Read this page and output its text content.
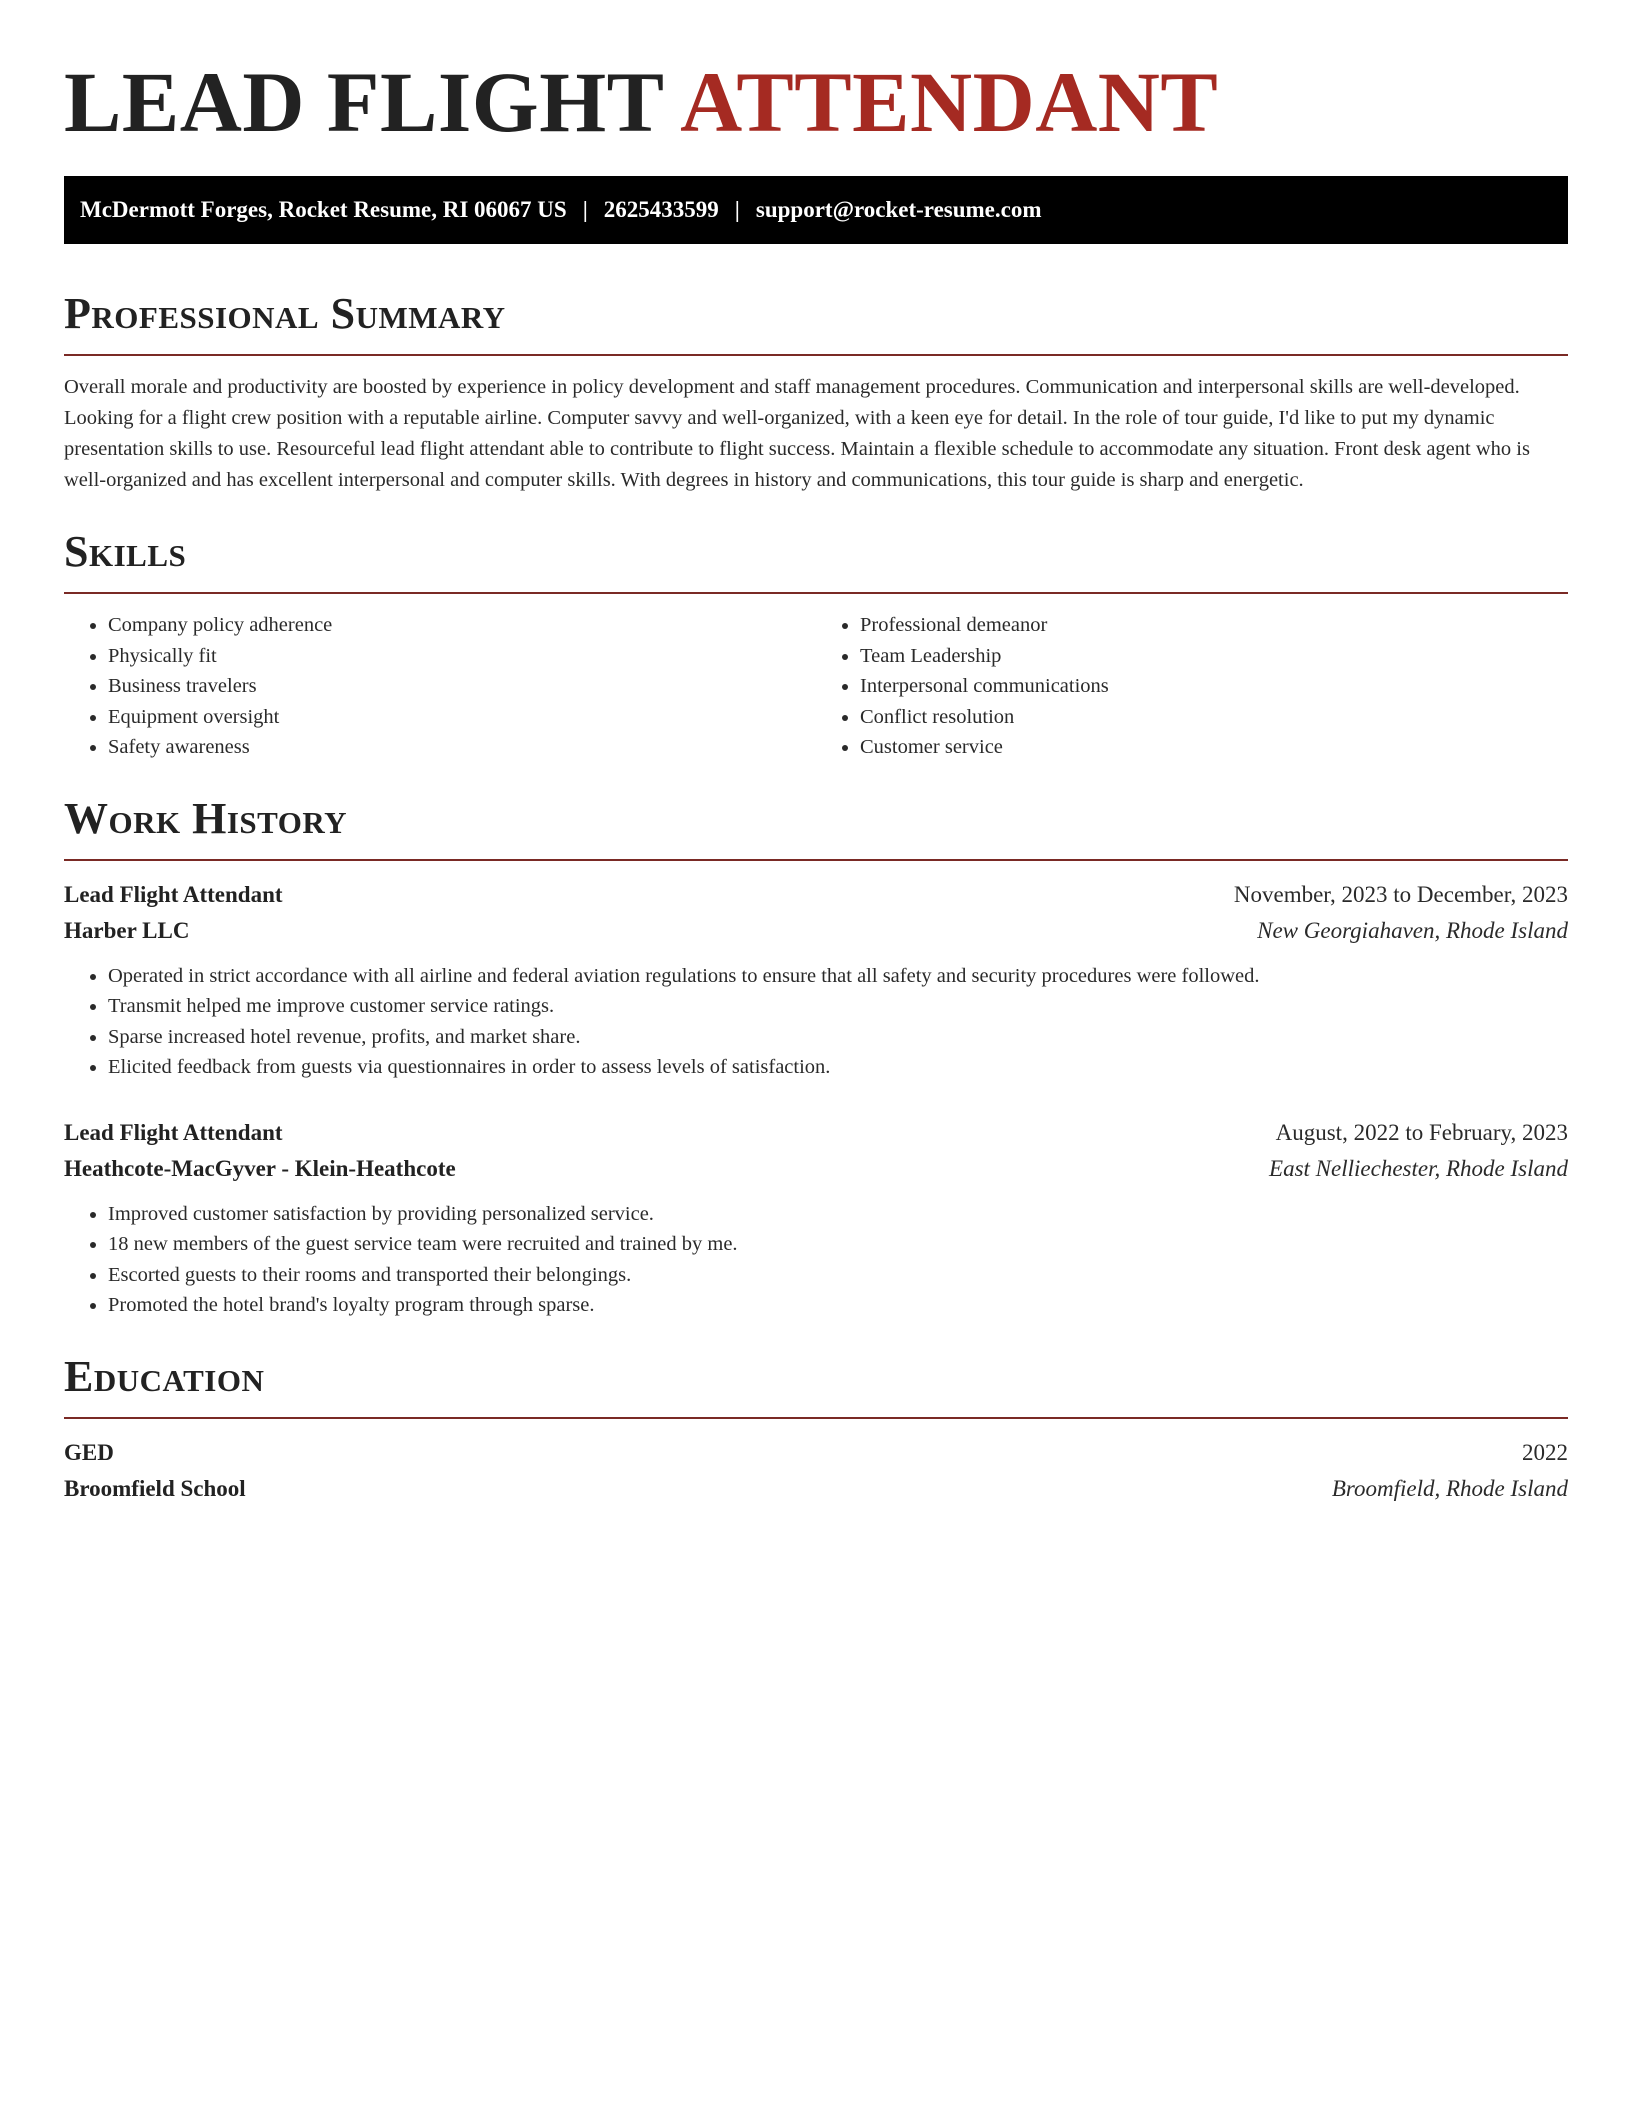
LEAD FLIGHT ATTENDANT
McDermott Forges, Rocket Resume, RI 06067 US | 2625433599 | support@rocket-resume.com
Professional Summary

Overall morale and productivity are boosted by experience in policy development and staff management procedures. Communication and interpersonal skills are well-developed. Looking for a flight crew position with a reputable airline. Computer savvy and well-organized, with a keen eye for detail. In the role of tour guide, I'd like to put my dynamic presentation skills to use. Resourceful lead flight attendant able to contribute to flight success. Maintain a flexible schedule to accommodate any situation. Front desk agent who is well-organized and has excellent interpersonal and computer skills. With degrees in history and communications, this tour guide is sharp and energetic.

Skills
• Company policy adherence
• Physically fit
• Business travelers
• Equipment oversight
• Safety awareness
• Professional demeanor
• Team Leadership
• Interpersonal communications
• Conflict resolution
• Customer service
Work History
Lead Flight Attendant	November, 2023 to December, 2023
Harber LLC	New Georgiahaven, Rhode Island
• Operated in strict accordance with all airline and federal aviation regulations to ensure that all safety and security procedures were followed.
• Transmit helped me improve customer service ratings.
• Sparse increased hotel revenue, profits, and market share.
• Elicited feedback from guests via questionnaires in order to assess levels of satisfaction.
Lead Flight Attendant	August, 2022 to February, 2023
Heathcote-MacGyver - Klein-Heathcote	East Nelliechester, Rhode Island
• Improved customer satisfaction by providing personalized service.
• 18 new members of the guest service team were recruited and trained by me.
• Escorted guests to their rooms and transported their belongings.
• Promoted the hotel brand's loyalty program through sparse.
Education
GED	2022
Broomfield School	Broomfield, Rhode Island
